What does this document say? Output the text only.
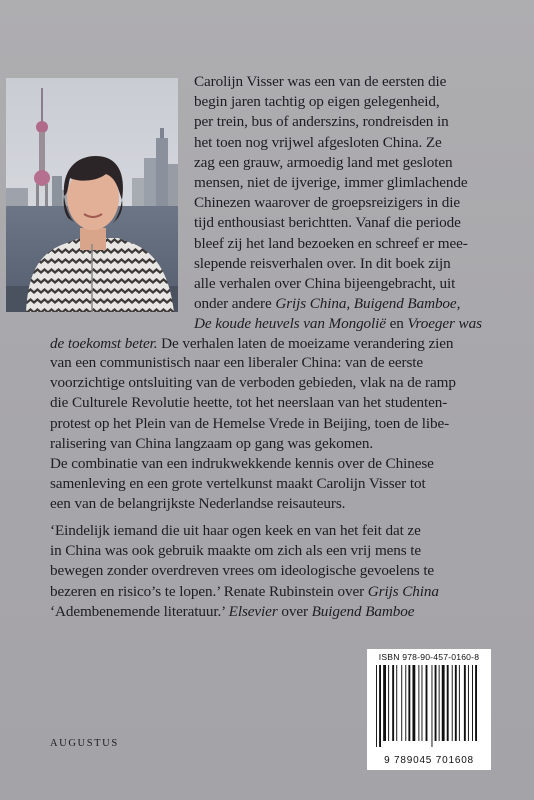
Carolijn Visser was een van de eersten die
begin jaren tachtig op eigen gelegenheid,
per trein, bus of anderszins, rondreisden in
het toen nog vrijwel afgesloten China. Ze
zag een grauw, armoedig land met gesloten
mensen, niet de ijverige, immer glimlachende
Chinezen waarover de groepsreizigers in die
tijd enthousiast berichtten. Vanaf die periode
bleef zij het land bezoeken en schreef er mee-
slepende reisverhalen over. In dit boek zijn
alle verhalen over China bijeengebracht, uit
onder andere Grijs China, Buigend Bamboe,
De koude heuvels van Mongolië en Vroeger was
de toekomst beter. De verhalen laten de moeizame verandering zien
van een communistisch naar een liberaler China: van de eerste
voorzichtige ontsluiting van de verboden gebieden, vlak na de ramp
die Culturele Revolutie heette, tot het neerslaan van het studenten-
protest op het Plein van de Hemelse Vrede in Beijing, toen de libe-
ralisering van China langzaam op gang was gekomen.
De combinatie van een indrukwekkende kennis over de Chinese
samenleving en een grote vertelkunst maakt Carolijn Visser tot
een van de belangrijkste Nederlandse reisauteurs.
‘Eindelijk iemand die uit haar ogen keek en van het feit dat ze
in China was ook gebruik maakte om zich als een vrij mens te
bewegen zonder overdreven vrees om ideologische gevoelens te
bezeren en risico’s te lopen.’ Renate Rubinstein over Grijs China
‘Adembenemende literatuur.’ Elsevier over Buigend Bamboe
AUGUSTUS
ISBN 978-90-457-0160-8
9 789045 701608
